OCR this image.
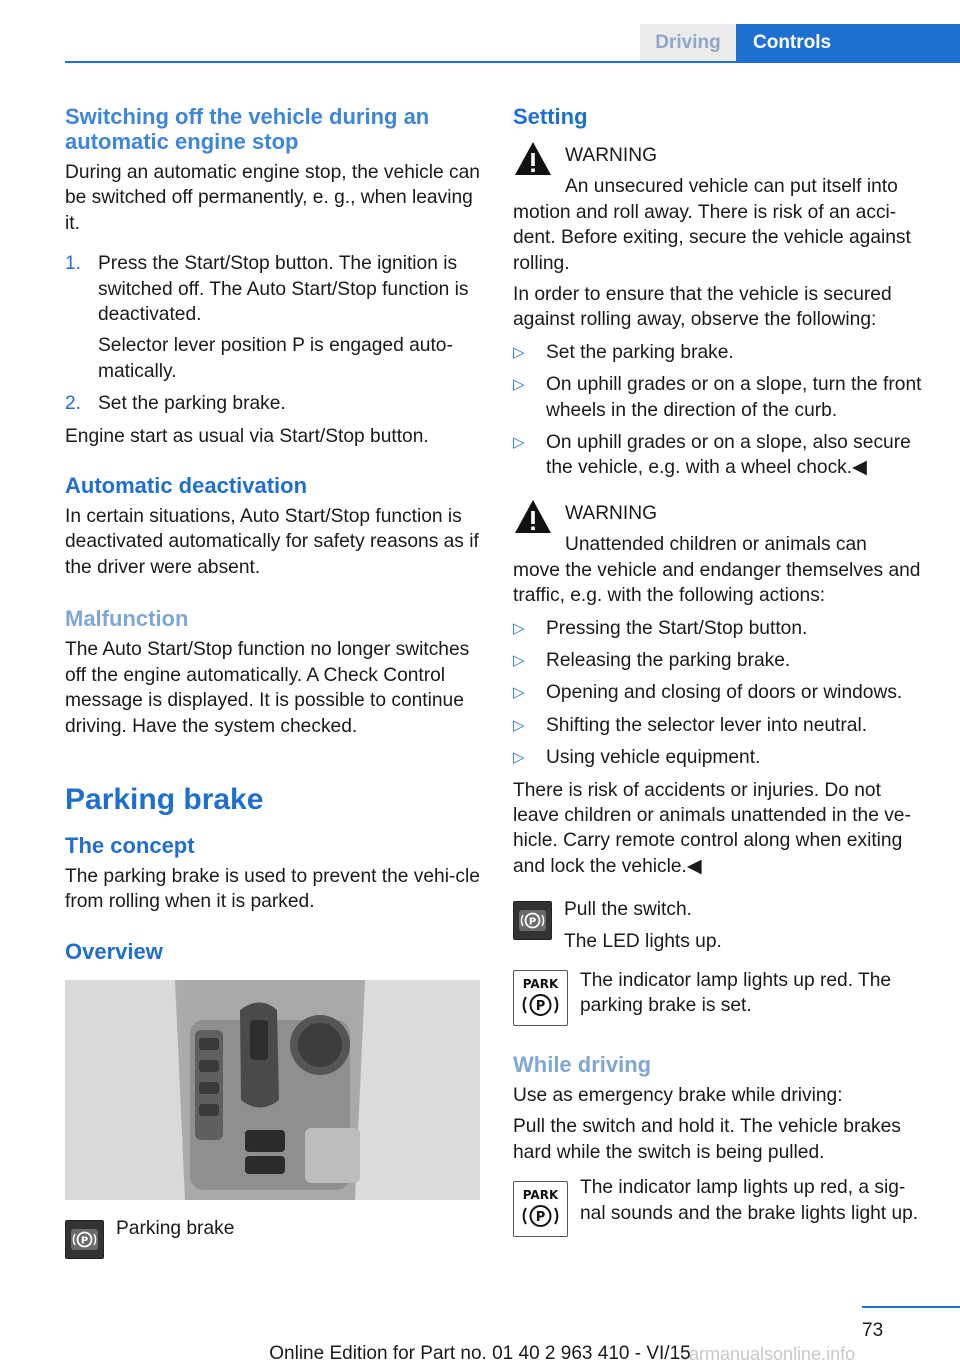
Driving	Controls
Switching off the vehicle during an automatic engine stop

During an automatic engine stop, the vehicle can be switched off permanently, e. g., when leaving it.

1. Press the Start/Stop button. The ignition is switched off. The Auto Start/Stop function is deactivated.

Selector lever position P is engaged auto‐matically.

2. Set the parking brake.

Engine start as usual via Start/Stop button.

Automatic deactivation

In certain situations, Auto Start/Stop function is deactivated automatically for safety reasons as if the driver were absent.

Malfunction

The Auto Start/Stop function no longer switches off the engine automatically. A Check Control message is displayed. It is possible to continue driving. Have the system checked.

Parking brake
The concept

The parking brake is used to prevent the vehi‐cle from rolling when it is parked.

Overview
P

Parking brake

Setting

WARNING

An unsecured vehicle can put itself into

motion and roll away. There is risk of an acci‐dent. Before exiting, secure the vehicle against rolling.

In order to ensure that the vehicle is secured against rolling away, observe the following:

▷	Set the parking brake.

▷	On uphill grades or on a slope, turn the front wheels in the direction of the curb.

▷	On uphill grades or on a slope, also secure the vehicle, e.g. with a wheel chock.◀

WARNING

Unattended children or animals can

move the vehicle and endanger themselves and traffic, e.g. with the following actions:

▷	Pressing the Start/Stop button.

▷	Releasing the parking brake.

▷	Opening and closing of doors or windows.

▷	Shifting the selector lever into neutral.

▷	Using vehicle equipment.

There is risk of accidents or injuries. Do not leave children or animals unattended in the ve‐hicle. Carry remote control along when exiting and lock the vehicle.◀

P

Pull the switch.

The LED lights up.

PARK
P

The indicator lamp lights up red. The parking brake is set.

While driving

Use as emergency brake while driving:

Pull the switch and hold it. The vehicle brakes hard while the switch is being pulled.

PARK
P

The indicator lamp lights up red, a sig‐nal sounds and the brake lights light up.

73
carmanualsonline.info
Online Edition for Part no. 01 40 2 963 410 - VI/15
